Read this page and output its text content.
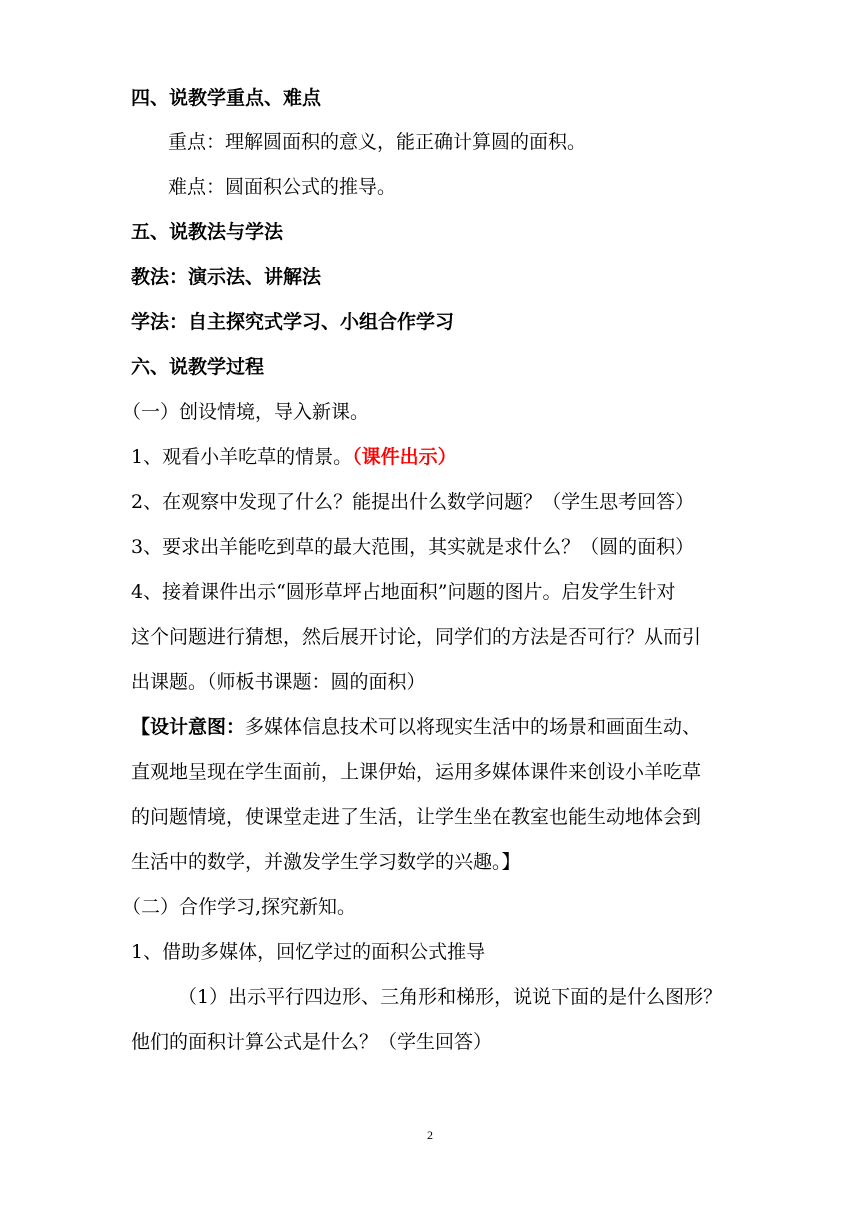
四、说教学重点、难点
重点：理解圆面积的意义，能正确计算圆的面积。
难点：圆面积公式的推导。
五、说教法与学法
教法：演示法、讲解法
学法：自主探究式学习、小组合作学习
六、说教学过程
（一）创设情境，导入新课。
1、观看小羊吃草的情景。（课件出示）
2、在观察中发现了什么？能提出什么数学问题？（学生思考回答）
3、要求出羊能吃到草的最大范围，其实就是求什么？（圆的面积）
4、接着课件出示“圆形草坪占地面积”问题的图片。启发学生针对
这个问题进行猜想，然后展开讨论，同学们的方法是否可行？从而引
出课题。（师板书课题：圆的面积）
【设计意图：多媒体信息技术可以将现实生活中的场景和画面生动、
直观地呈现在学生面前，上课伊始，运用多媒体课件来创设小羊吃草
的问题情境，使课堂走进了生活，让学生坐在教室也能生动地体会到
生活中的数学，并激发学生学习数学的兴趣。】
（二）合作学习,探究新知。
1、借助多媒体，回忆学过的面积公式推导
（1）出示平行四边形、三角形和梯形，说说下面的是什么图形？
他们的面积计算公式是什么？（学生回答）
2
